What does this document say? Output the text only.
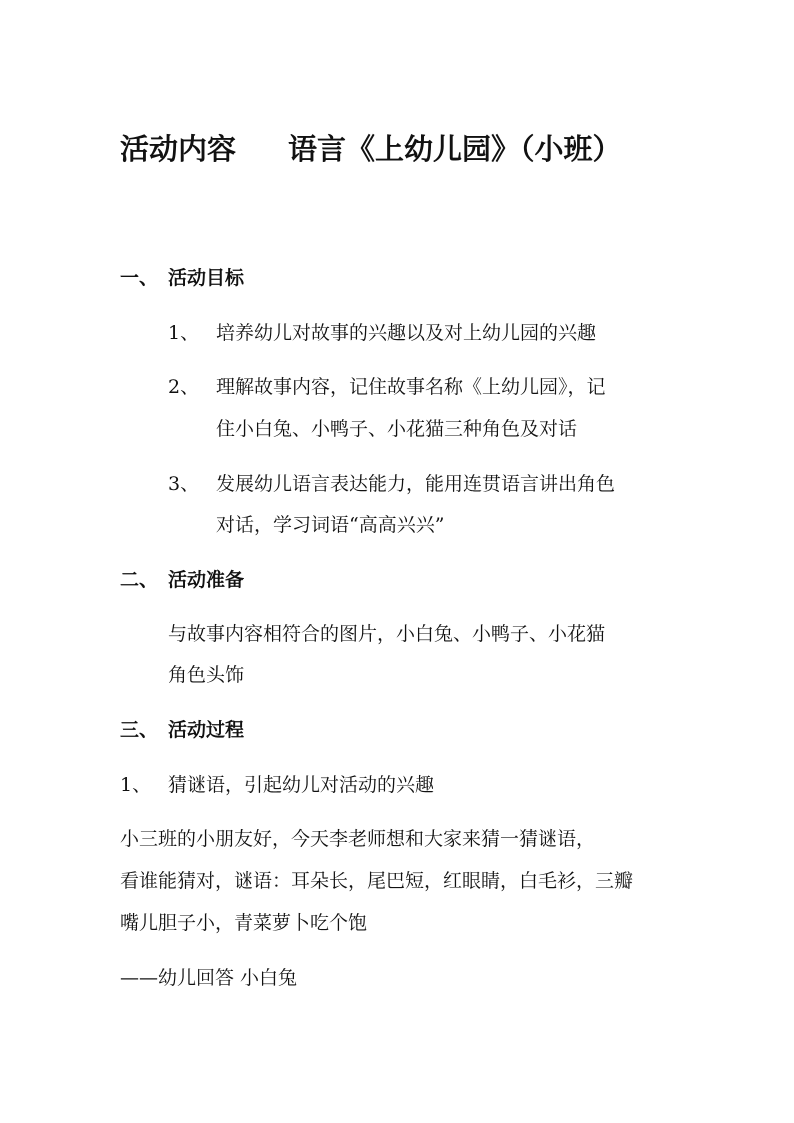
活动内容 语言《上幼儿园》（小班）
一、 活动目标
1、 培养幼儿对故事的兴趣以及对上幼儿园的兴趣
2、 理解故事内容，记住故事名称《上幼儿园》，记
住小白兔、小鸭子、小花猫三种角色及对话
3、 发展幼儿语言表达能力，能用连贯语言讲出角色
对话，学习词语“高高兴兴”
二、 活动准备
与故事内容相符合的图片，小白兔、小鸭子、小花猫
角色头饰
三、 活动过程
1、 猜谜语，引起幼儿对活动的兴趣
小三班的小朋友好，今天李老师想和大家来猜一猜谜语，
看谁能猜对，谜语：耳朵长，尾巴短，红眼睛，白毛衫，三瓣
嘴儿胆子小，青菜萝卜吃个饱
——幼儿回答 小白兔
